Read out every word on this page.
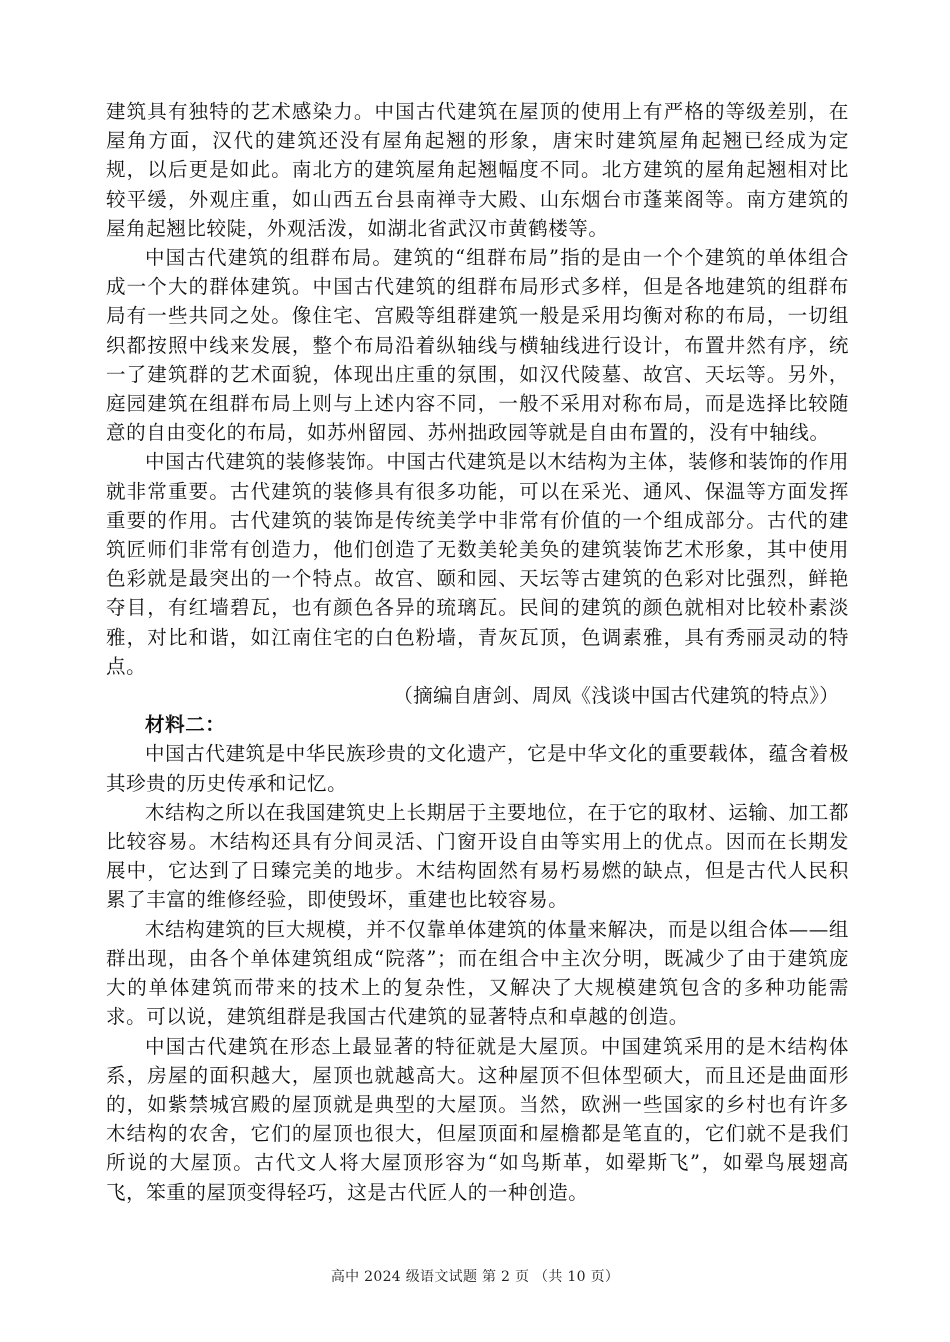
建筑具有独特的艺术感染力。中国古代建筑在屋顶的使用上有严格的等级差别，在屋角方面，汉代的建筑还没有屋角起翘的形象，唐宋时建筑屋角起翘已经成为定规，以后更是如此。南北方的建筑屋角起翘幅度不同。北方建筑的屋角起翘相对比较平缓，外观庄重，如山西五台县南禅寺大殿、山东烟台市蓬莱阁等。南方建筑的屋角起翘比较陡，外观活泼，如湖北省武汉市黄鹤楼等。

中国古代建筑的组群布局。建筑的“组群布局”指的是由一个个建筑的单体组合成一个大的群体建筑。中国古代建筑的组群布局形式多样，但是各地建筑的组群布局有一些共同之处。像住宅、宫殿等组群建筑一般是采用均衡对称的布局，一切组织都按照中线来发展，整个布局沿着纵轴线与横轴线进行设计，布置井然有序，统一了建筑群的艺术面貌，体现出庄重的氛围，如汉代陵墓、故宫、天坛等。另外，庭园建筑在组群布局上则与上述内容不同，一般不采用对称布局，而是选择比较随意的自由变化的布局，如苏州留园、苏州拙政园等就是自由布置的，没有中轴线。

中国古代建筑的装修装饰。中国古代建筑是以木结构为主体，装修和装饰的作用就非常重要。古代建筑的装修具有很多功能，可以在采光、通风、保温等方面发挥重要的作用。古代建筑的装饰是传统美学中非常有价值的一个组成部分。古代的建筑匠师们非常有创造力，他们创造了无数美轮美奂的建筑装饰艺术形象，其中使用色彩就是最突出的一个特点。故宫、颐和园、天坛等古建筑的色彩对比强烈，鲜艳夺目，有红墙碧瓦，也有颜色各异的琉璃瓦。民间的建筑的颜色就相对比较朴素淡雅，对比和谐，如江南住宅的白色粉墙，青灰瓦顶，色调素雅，具有秀丽灵动的特点。

（摘编自唐剑、周凤《浅谈中国古代建筑的特点》）

材料二：

中国古代建筑是中华民族珍贵的文化遗产，它是中华文化的重要载体，蕴含着极其珍贵的历史传承和记忆。

木结构之所以在我国建筑史上长期居于主要地位，在于它的取材、运输、加工都比较容易。木结构还具有分间灵活、门窗开设自由等实用上的优点。因而在长期发展中，它达到了日臻完美的地步。木结构固然有易朽易燃的缺点，但是古代人民积累了丰富的维修经验，即使毁坏，重建也比较容易。

木结构建筑的巨大规模，并不仅靠单体建筑的体量来解决，而是以组合体——组群出现，由各个单体建筑组成“院落”；而在组合中主次分明，既减少了由于建筑庞大的单体建筑而带来的技术上的复杂性，又解决了大规模建筑包含的多种功能需求。可以说，建筑组群是我国古代建筑的显著特点和卓越的创造。

中国古代建筑在形态上最显著的特征就是大屋顶。中国建筑采用的是木结构体系，房屋的面积越大，屋顶也就越高大。这种屋顶不但体型硕大，而且还是曲面形的，如紫禁城宫殿的屋顶就是典型的大屋顶。当然，欧洲一些国家的乡村也有许多木结构的农舍，它们的屋顶也很大，但屋顶面和屋檐都是笔直的，它们就不是我们所说的大屋顶。古代文人将大屋顶形容为“如鸟斯革，如翚斯飞”，如翚鸟展翅高飞，笨重的屋顶变得轻巧，这是古代匠人的一种创造。

高中 2024 级语文试题 第 2 页 （共 10 页）
